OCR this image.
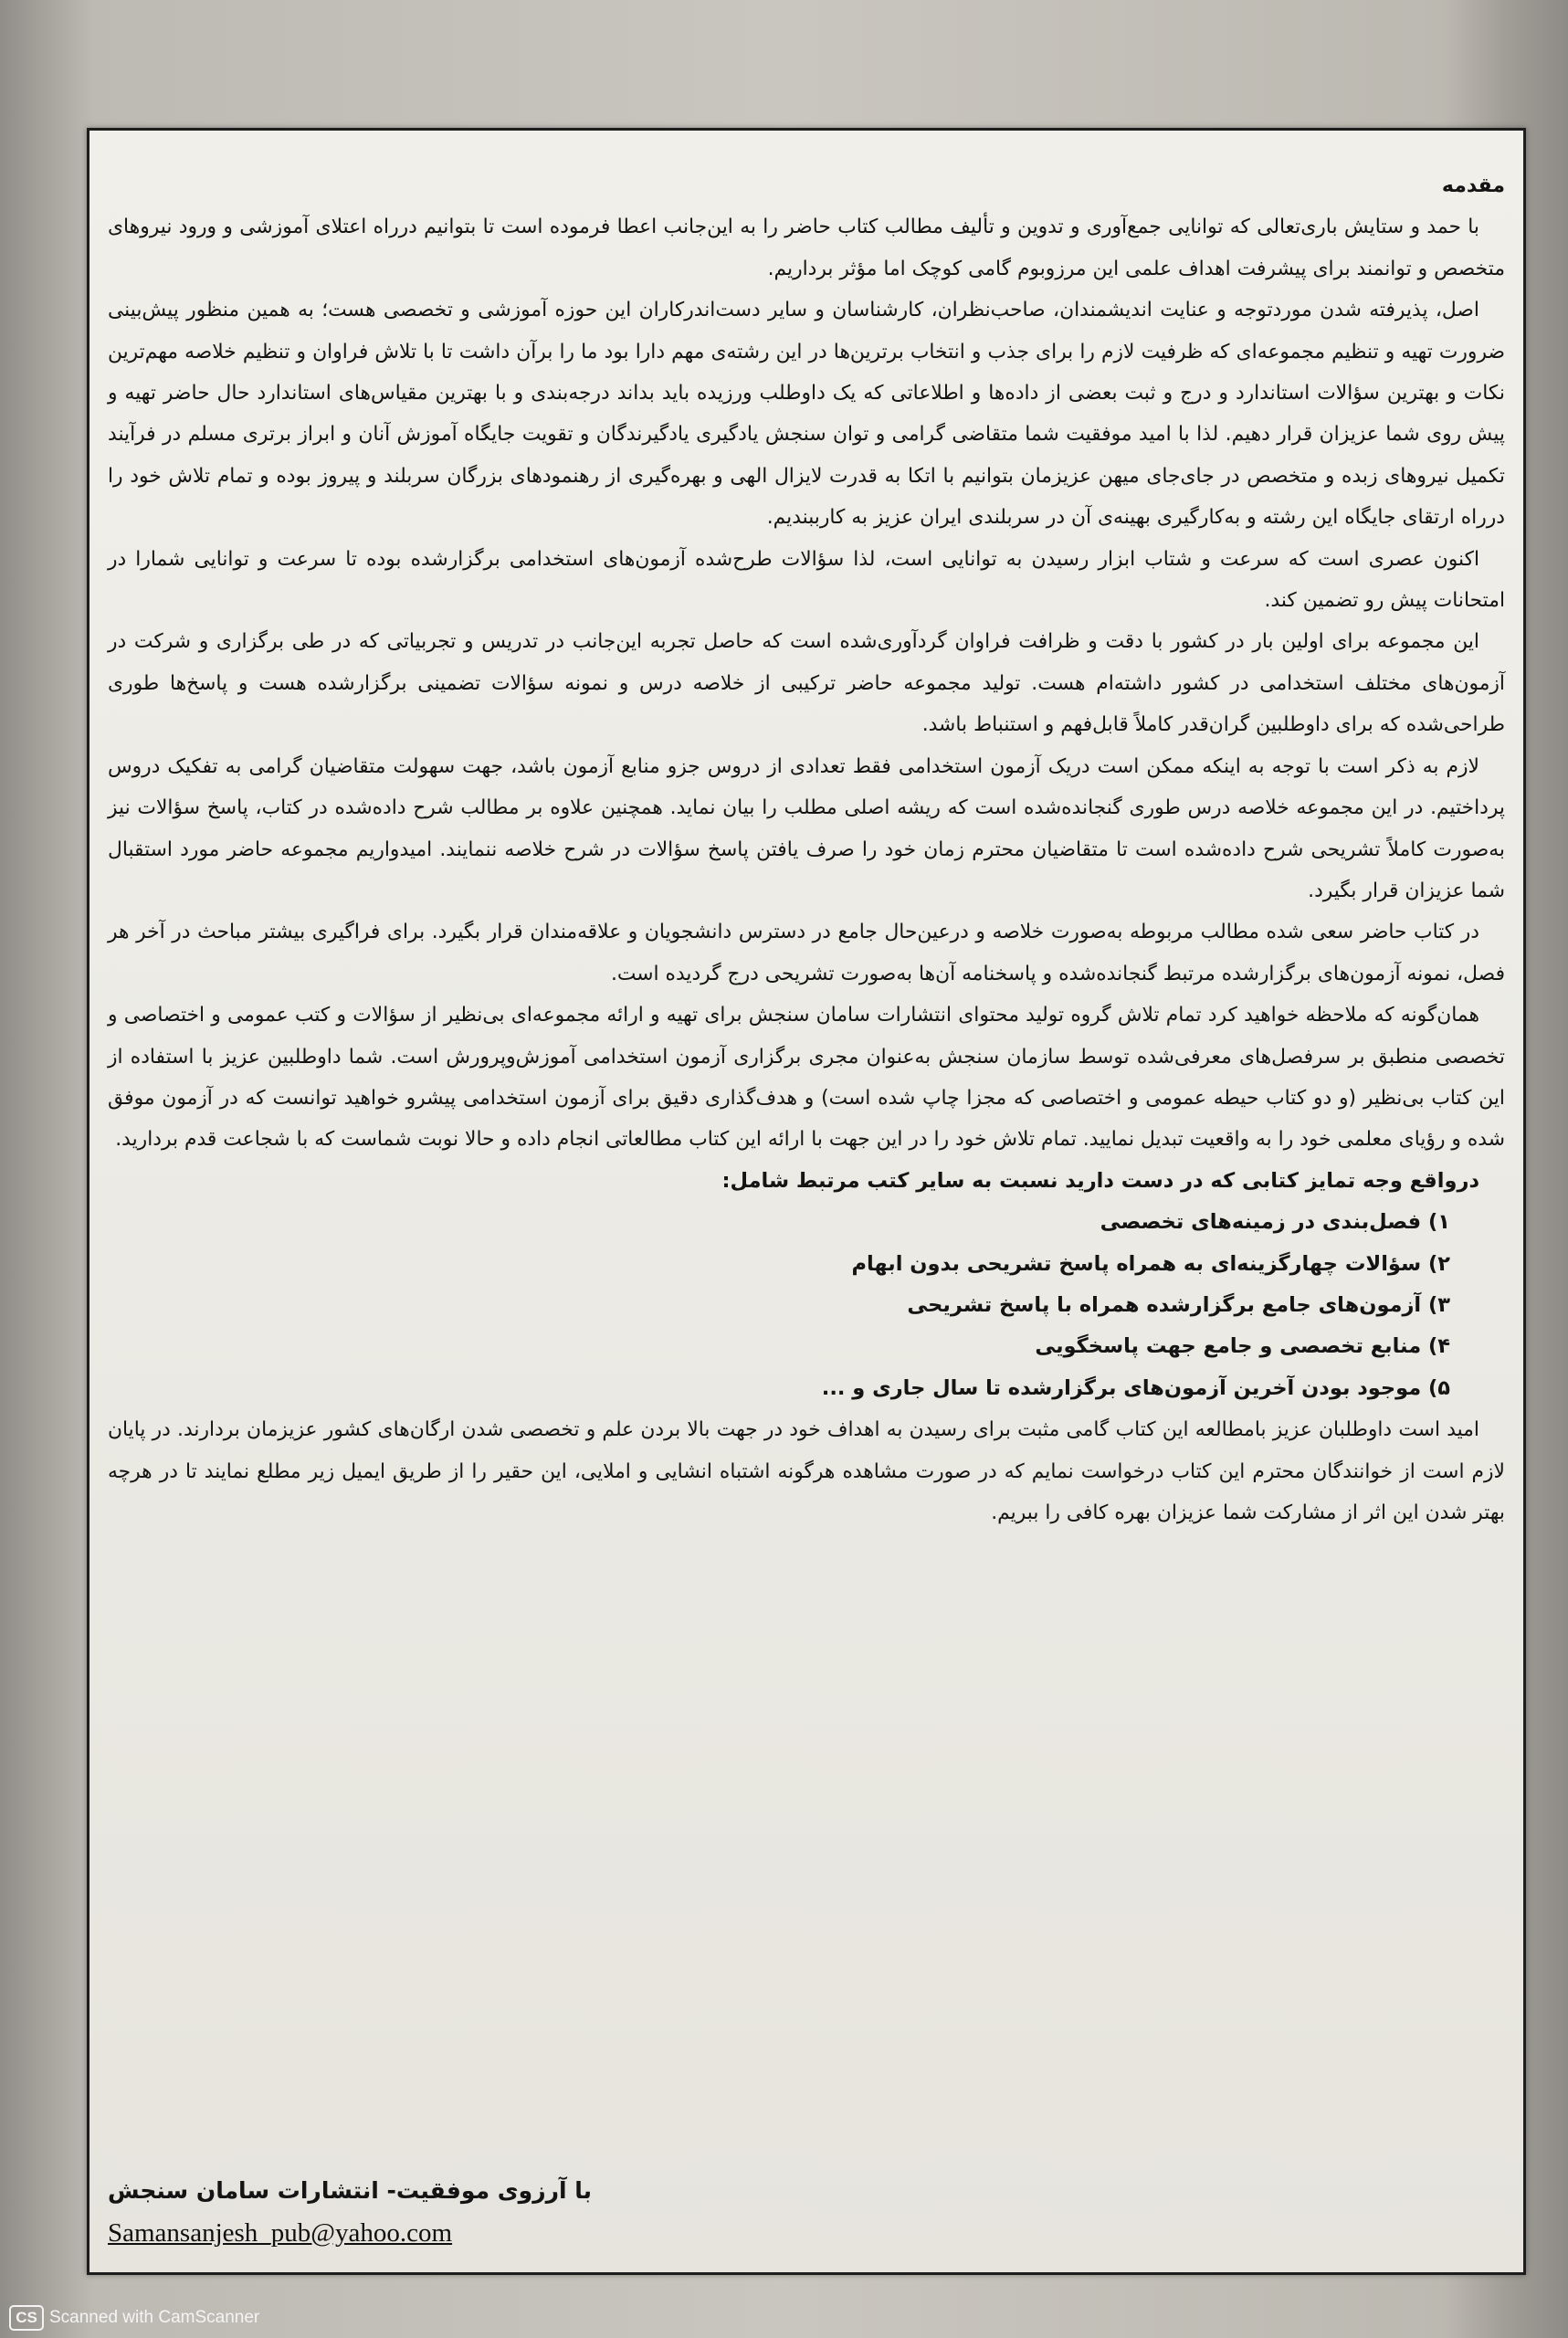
مقدمه

با حمد و ستایش باری‌تعالی که توانایی جمع‌آوری و تدوین و تألیف مطالب کتاب حاضر را به این‌جانب اعطا فرموده است تا بتوانیم درراه اعتلای آموزشی و ورود نیروهای متخصص و توانمند برای پیشرفت اهداف علمی این مرزوبوم گامی کوچک اما مؤثر برداریم.

اصل، پذیرفته شدن موردتوجه و عنایت اندیشمندان، صاحب‌نظران، کارشناسان و سایر دست‌اندرکاران این حوزه آموزشی و تخصصی هست؛ به همین منظور پیش‌بینی ضرورت تهیه و تنظیم مجموعه‌ای که ظرفیت لازم را برای جذب و انتخاب برترین‌ها در این رشته‌ی مهم دارا بود ما را برآن داشت تا با تلاش فراوان و تنظیم خلاصه مهم‌ترین نکات و بهترین سؤالات استاندارد و درج و ثبت بعضی از داده‌ها و اطلاعاتی که یک داوطلب ورزیده باید بداند درجه‌بندی و با بهترین مقیاس‌های استاندارد حال حاضر تهیه و پیش روی شما عزیزان قرار دهیم. لذا با امید موفقیت شما متقاضی گرامی و توان سنجش یادگیری یادگیرندگان و تقویت جایگاه آموزش آنان و ابراز برتری مسلم در فرآیند تکمیل نیروهای زبده و متخصص در جای‌جای میهن عزیزمان بتوانیم با اتکا به قدرت لایزال الهی و بهره‌گیری از رهنمودهای بزرگان سربلند و پیروز بوده و تمام تلاش خود را درراه ارتقای جایگاه این رشته و به‌کارگیری بهینه‌ی آن در سربلندی ایران عزیز به کارببندیم.

اکنون عصری است که سرعت و شتاب ابزار رسیدن به توانایی است، لذا سؤالات طرح‌شده آزمون‌های استخدامی برگزارشده بوده تا سرعت و توانایی شمارا در امتحانات پیش رو تضمین کند.

این مجموعه برای اولین بار در کشور با دقت و ظرافت فراوان گردآوری‌شده است که حاصل تجربه این‌جانب در تدریس و تجربیاتی که در طی برگزاری و شرکت در آزمون‌های مختلف استخدامی در کشور داشته‌ام هست. تولید مجموعه حاضر ترکیبی از خلاصه درس و نمونه سؤالات تضمینی برگزارشده هست و پاسخ‌ها طوری طراحی‌شده که برای داوطلبین گران‌قدر کاملاً قابل‌فهم و استنباط باشد.

لازم به ذکر است با توجه به اینکه ممکن است دریک آزمون استخدامی فقط تعدادی از دروس جزو منابع آزمون باشد، جهت سهولت متقاضیان گرامی به تفکیک دروس پرداختیم. در این مجموعه خلاصه درس طوری گنجانده‌شده است که ریشه اصلی مطلب را بیان نماید. همچنین علاوه بر مطالب شرح داده‌شده در کتاب، پاسخ سؤالات نیز به‌صورت کاملاً تشریحی شرح داده‌شده است تا متقاضیان محترم زمان خود را صرف یافتن پاسخ سؤالات در شرح خلاصه ننمایند. امیدواریم مجموعه حاضر مورد استقبال شما عزیزان قرار بگیرد.

در کتاب حاضر سعی شده مطالب مربوطه به‌صورت خلاصه و درعین‌حال جامع در دسترس دانشجویان و علاقه‌مندان قرار بگیرد. برای فراگیری بیشتر مباحث در آخر هر فصل، نمونه آزمون‌های برگزارشده مرتبط گنجانده‌شده و پاسخنامه آن‌ها به‌صورت تشریحی درج گردیده است.

همان‌گونه که ملاحظه خواهید کرد تمام تلاش گروه تولید محتوای انتشارات سامان سنجش برای تهیه و ارائه مجموعه‌ای بی‌نظیر از سؤالات و کتب عمومی و اختصاصی و تخصصی منطبق بر سرفصل‌های معرفی‌شده توسط سازمان سنجش به‌عنوان مجری برگزاری آزمون استخدامی آموزش‌وپرورش است. شما داوطلبین عزیز با استفاده از این کتاب بی‌نظیر (و دو کتاب حیطه عمومی و اختصاصی که مجزا چاپ شده است) و هدف‌گذاری دقیق برای آزمون استخدامی پیشرو خواهید توانست که در آزمون موفق شده و رؤیای معلمی خود را به واقعیت تبدیل نمایید. تمام تلاش خود را در این جهت با ارائه این کتاب مطالعاتی انجام داده و حالا نوبت شماست که با شجاعت قدم بردارید.

درواقع وجه تمایز کتابی که در دست دارید نسبت به سایر کتب مرتبط شامل:

۱) فصل‌بندی در زمینه‌های تخصصی
۲) سؤالات چهارگزینه‌ای به همراه پاسخ تشریحی بدون ابهام
۳) آزمون‌های جامع برگزارشده همراه با پاسخ تشریحی
۴) منابع تخصصی و جامع جهت پاسخگویی
۵) موجود بودن آخرین آزمون‌های برگزارشده تا سال جاری و ...

امید است داوطلبان عزیز بامطالعه این کتاب گامی مثبت برای رسیدن به اهداف خود در جهت بالا بردن علم و تخصصی شدن ارگان‌های کشور عزیزمان بردارند. در پایان لازم است از خوانندگان محترم این کتاب درخواست نمایم که در صورت مشاهده هرگونه اشتباه انشایی و املایی، این حقیر را از طریق ایمیل زیر مطلع نمایند تا در هرچه بهتر شدن این اثر از مشارکت شما عزیزان بهره کافی را ببریم.

با آرزوی موفقیت- انتشارات سامان سنجش

Samansanjesh_pub@yahoo.com

CS Scanned with CamScanner
